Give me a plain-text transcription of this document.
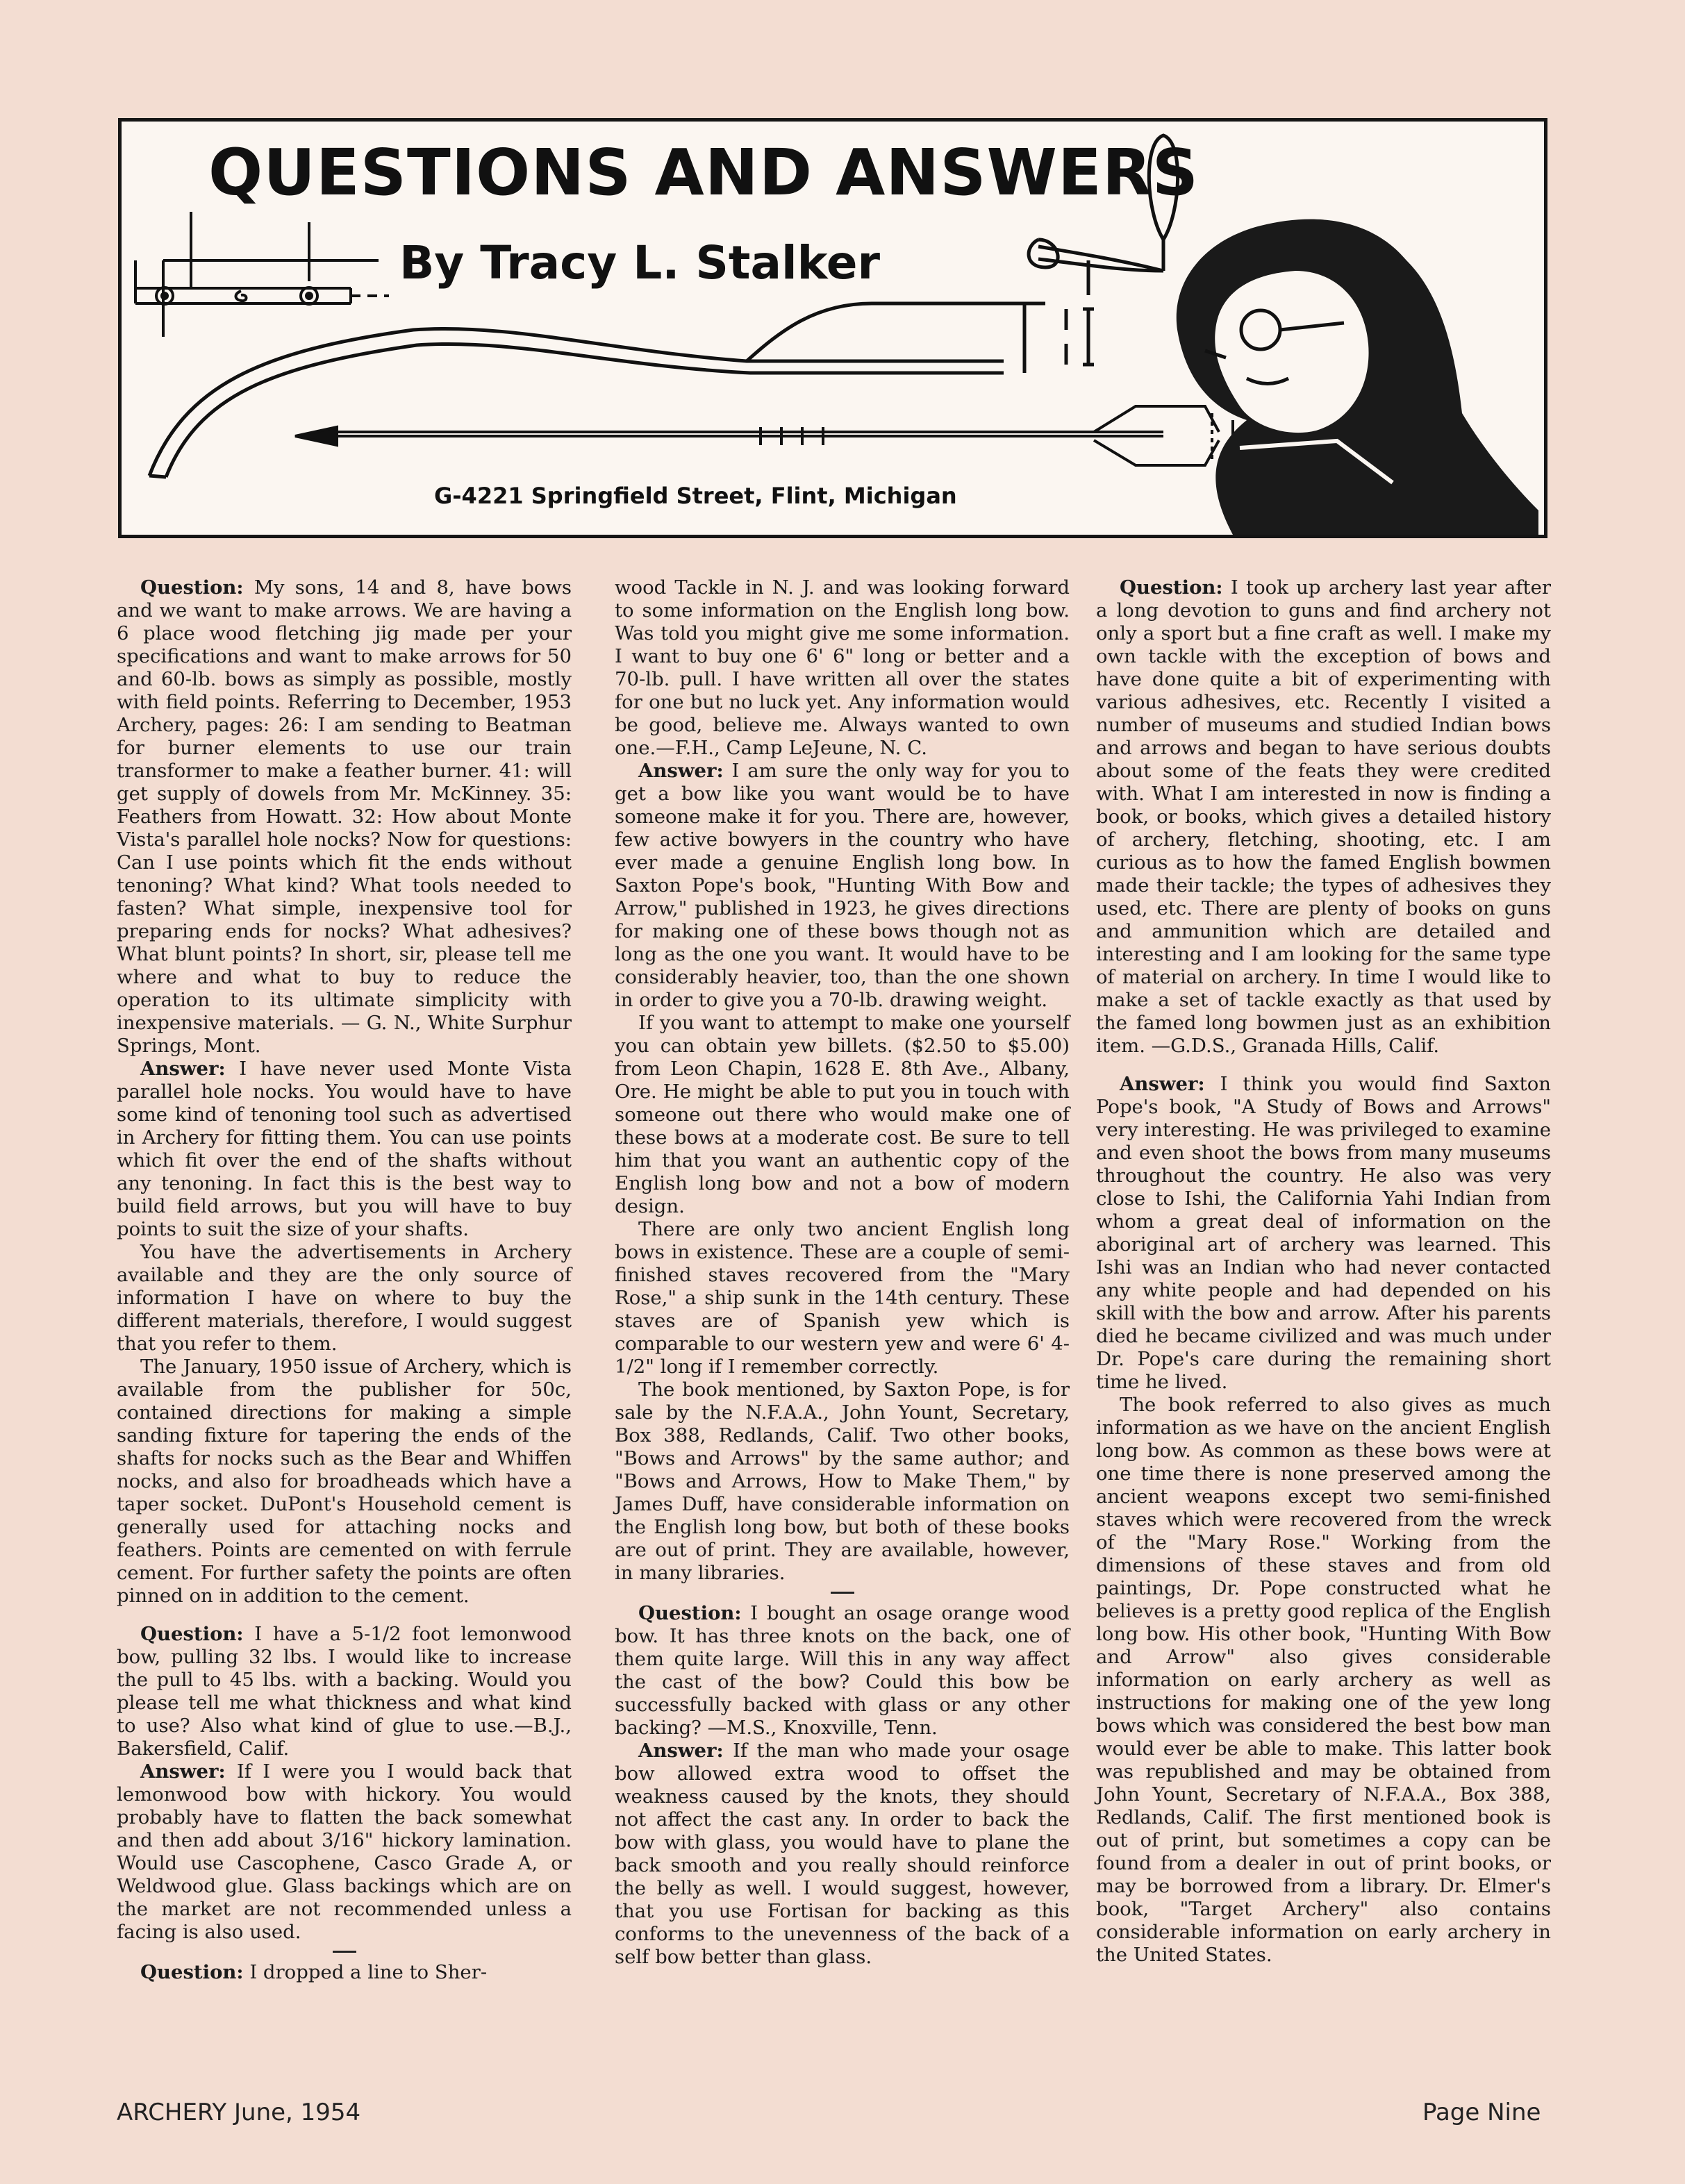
QUESTIONS AND ANSWERS
By Tracy L. Stalker
G-4221 Springfield Street, Flint, Michigan

Question: My sons, 14 and 8, have bows and we want to make arrows. We are having a 6 place wood fletching jig made per your specifications and want to make arrows for 50 and 60-lb. bows as simply as possible, mostly with field points. Referring to December, 1953 Archery, pages: 26: I am sending to Beatman for burner elements to use our train transformer to make a feather burner. 41: will get supply of dowels from Mr. McKinney. 35: Feathers from Howatt. 32: How about Monte Vista's parallel hole nocks? Now for questions: Can I use points which fit the ends without tenoning? What kind? What tools needed to fasten? What simple, inexpensive tool for preparing ends for nocks? What adhesives? What blunt points? In short, sir, please tell me where and what to buy to reduce the operation to its ultimate simplicity with inexpensive materials. — G. N., White Surphur Springs, Mont.

Answer: I have never used Monte Vista parallel hole nocks. You would have to have some kind of tenoning tool such as advertised in Archery for fitting them. You can use points which fit over the end of the shafts without any tenoning. In fact this is the best way to build field arrows, but you will have to buy points to suit the size of your shafts.

You have the advertisements in Archery available and they are the only source of information I have on where to buy the different materials, therefore, I would suggest that you refer to them.

The January, 1950 issue of Archery, which is available from the publisher for 50c, contained directions for making a simple sanding fixture for tapering the ends of the shafts for nocks such as the Bear and Whiffen nocks, and also for broadheads which have a taper socket. DuPont's Household cement is generally used for attaching nocks and feathers. Points are cemented on with ferrule cement. For further safety the points are often pinned on in addition to the cement.

Question: I have a 5-1/2 foot lemonwood bow, pulling 32 lbs. I would like to increase the pull to 45 lbs. with a backing. Would you please tell me what thickness and what kind to use? Also what kind of glue to use.—B.J., Bakersfield, Calif.

Answer: If I were you I would back that lemonwood bow with hickory. You would probably have to flatten the back somewhat and then add about 3/16" hickory lamination. Would use Cascophene, Casco Grade A, or Weldwood glue. Glass backings which are on the market are not recommended unless a facing is also used.

Question: I dropped a line to Sher-

wood Tackle in N. J. and was looking forward to some information on the English long bow. Was told you might give me some information. I want to buy one 6' 6" long or better and a 70-lb. pull. I have written all over the states for one but no luck yet. Any information would be good, believe me. Always wanted to own one.—F.H., Camp LeJeune, N. C.

Answer: I am sure the only way for you to get a bow like you want would be to have someone make it for you. There are, however, few active bowyers in the country who have ever made a genuine English long bow. In Saxton Pope's book, "Hunting With Bow and Arrow," published in 1923, he gives directions for making one of these bows though not as long as the one you want. It would have to be considerably heavier, too, than the one shown in order to give you a 70-lb. drawing weight.

If you want to attempt to make one yourself you can obtain yew billets. ($2.50 to $5.00) from Leon Chapin, 1628 E. 8th Ave., Albany, Ore. He might be able to put you in touch with someone out there who would make one of these bows at a moderate cost. Be sure to tell him that you want an authentic copy of the English long bow and not a bow of modern design.

There are only two ancient English long bows in existence. These are a couple of semi-finished staves recovered from the "Mary Rose," a ship sunk in the 14th century. These staves are of Spanish yew which is comparable to our western yew and were 6' 4-1/2" long if I remember correctly.

The book mentioned, by Saxton Pope, is for sale by the N.F.A.A., John Yount, Secretary, Box 388, Redlands, Calif. Two other books, "Bows and Arrows" by the same author; and "Bows and Arrows, How to Make Them," by James Duff, have considerable information on the English long bow, but both of these books are out of print. They are available, however, in many libraries.

Question: I bought an osage orange wood bow. It has three knots on the back, one of them quite large. Will this in any way affect the cast of the bow? Could this bow be successfully backed with glass or any other backing? —M.S., Knoxville, Tenn.

Answer: If the man who made your osage bow allowed extra wood to offset the weakness caused by the knots, they should not affect the cast any. In order to back the bow with glass, you would have to plane the back smooth and you really should reinforce the belly as well. I would suggest, however, that you use Fortisan for backing as this conforms to the unevenness of the back of a self bow better than glass.

Question: I took up archery last year after a long devotion to guns and find archery not only a sport but a fine craft as well. I make my own tackle with the exception of bows and have done quite a bit of experimenting with various adhesives, etc. Recently I visited a number of museums and studied Indian bows and arrows and began to have serious doubts about some of the feats they were credited with. What I am interested in now is finding a book, or books, which gives a detailed history of archery, fletching, shooting, etc. I am curious as to how the famed English bowmen made their tackle; the types of adhesives they used, etc. There are plenty of books on guns and ammunition which are detailed and interesting and I am looking for the same type of material on archery. In time I would like to make a set of tackle exactly as that used by the famed long bowmen just as an exhibition item. —G.D.S., Granada Hills, Calif.

Answer: I think you would find Saxton Pope's book, "A Study of Bows and Arrows" very interesting. He was privileged to examine and even shoot the bows from many museums throughout the country. He also was very close to Ishi, the California Yahi Indian from whom a great deal of information on the aboriginal art of archery was learned. This Ishi was an Indian who had never contacted any white people and had depended on his skill with the bow and arrow. After his parents died he became civilized and was much under Dr. Pope's care during the remaining short time he lived.

The book referred to also gives as much information as we have on the ancient English long bow. As common as these bows were at one time there is none preserved among the ancient weapons except two semi-finished staves which were recovered from the wreck of the "Mary Rose." Working from the dimensions of these staves and from old paintings, Dr. Pope constructed what he believes is a pretty good replica of the English long bow. His other book, "Hunting With Bow and Arrow" also gives considerable information on early archery as well as instructions for making one of the yew long bows which was considered the best bow man would ever be able to make. This latter book was republished and may be obtained from John Yount, Secretary of N.F.A.A., Box 388, Redlands, Calif. The first mentioned book is out of print, but sometimes a copy can be found from a dealer in out of print books, or may be borrowed from a library. Dr. Elmer's book, "Target Archery" also contains considerable information on early archery in the United States.

ARCHERY June, 1954	Page Nine
